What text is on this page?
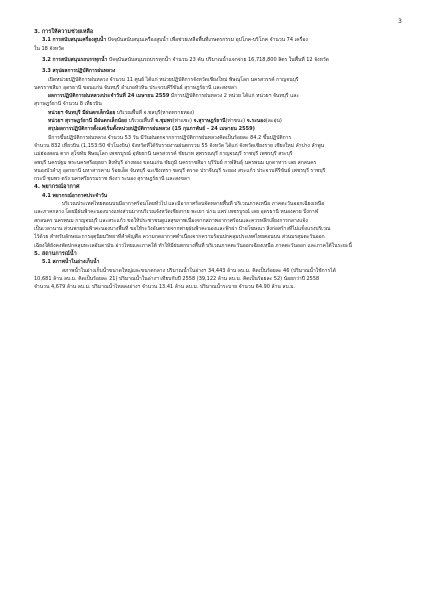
3
3. การให้ความช่วยเหลือ

3.1 การสนับสนุนเครื่องสูบน้ำ ปัจจุบันสนับสนุนเครื่องสูบน้ำ เพื่อช่วยเหลือพื้นที่เกษตรกรรม อุปโภค-บริโภค จำนวน 74 เครื่อง

ใน 18 จังหวัด

3.2 การสนับสนุนรถบรรทุกน้ำ ปัจจุบันสนับสนุนรถบรรทุกน้ำ จำนวน 23 คัน ปริมาณน้ำแจกจ่าย 16,718,800 ลิตร ในพื้นที่ 12 จังหวัด

3.3 สรุปผลการปฏิบัติการฝนหลวง

เปิดหน่วยปฏิบัติการฝนหลวง จำนวน 11 ศูนย์ ได้แก่ หน่วยปฏิบัติการจังหวัดเชียงใหม่ พิษณุโลก นครสวรรค์ กาญจนบุรี

นครราชสีมา อุดรธานี ขอนแก่น จันทบุรี อำเภอหัวหิน ประจวบคีรีขันธ์ สุราษฎร์ธานี และสงขลา

ผลการปฏิบัติการฝนหลวงประจำวันที่ 24 เมษายน 2559 มีการปฏิบัติการฝนหลวง 2 หน่วย ได้แก่ หน่วยฯ จันทบุรี และ

สุราษฎร์ธานี จำนวน 8 เที่ยวบิน

หน่วยฯ จันทบุรี มีฝนตกเล็กน้อย บริเวณพื้นที่ จ.ชลบุรี(หาดทรายทอง)

หน่วยฯ สุราษฎร์ธานี มีฝนตกเล็กน้อย บริเวณพื้นที่ จ.ชุมพร(ท่าแซะ) จ.สุราษฎร์ธานี(ท่าชนะ) จ.ระนอง(ละอุ่น)

สรุปผลการปฏิบัติการตั้งแต่เริ่มตั้งหน่วยปฏิบัติการฝนหลวง (15 กุมภาพันธ์ - 24 เมษายน 2559)

มีการขึ้นปฏิบัติการฝนหลวง จำนวน 53 วัน มีวันฝนตกจากการปฏิบัติการฝนหลวงคิดเป็นร้อยละ 84.2 ขึ้นปฏิบัติการ

จำนวน 832 เที่ยวบิน (1,153:50 ชั่วโมงบิน) จังหวัดที่ได้รับรายงานฝนตกรวม 55 จังหวัด ได้แก่ จังหวัดเชียงราย เชียงใหม่ ลำปาง ลำพูน

แม่ฮ่องสอน ตาก สุโขทัย พิษณุโลก เพชรบูรณ์ อุทัยธานี นครสวรรค์ ชัยนาท สุพรรณบุรี กาญจนบุรี ราชบุรี เพชรบุรี สระบุรี

ลพบุรี นครปฐม พระนครศรีอยุธยา สิงห์บุรี อ่างทอง ขอนแก่น ชัยภูมิ นครราชสีมา บุรีรัมย์ กาฬสินธุ์ นครพนม มุกดาหาร เลย สกลนคร

หนองบัวลำภู อุดรธานี มหาสารคาม ร้อยเอ็ด จันทบุรี ฉะเชิงเทรา ชลบุรี ตราด ปราจีนบุรี ระยอง สระแก้ว ประจวบคีรีขันธ์ เพชรบุรี ราชบุรี

กระบี่ ชุมพร ตรัง นครศรีธรรมราช พังงา ระนอง สุราษฎร์ธานี และสงขลา

4. พยากรณ์อากาศ

4.1 พยากรณ์อากาศประจำวัน

บริเวณประเทศไทยตอนบนมีอากาศร้อนโดยทั่วไป และมีอากาศร้อนจัดหลายพื้นที่ บริเวณภาคเหนือ ภาคตะวันออกเฉียงเหนือ

และภาคกลาง โดยมีฝนฟ้าคะนองบางแห่งส่วนมากบริเวณจังหวัดเชียงราย พะเยา น่าน แพร่ เพชรบูรณ์ เลย อุดรธานี หนองคาย บึงกาฬ

สกลนคร นครพนม กาญจนบุรี และสระแก้ว ขอให้ประชาชนดูแลสุขภาพเนื่องจากสภาพอากาศร้อนและควรหลีกเลี่ยงการกลางแจ้ง

เป็นเวลานาน ส่วนพายุฝนฟ้าคะนองบางพื้นที่ ขอให้ระวังอันตรายจากพายุฝนฟ้าคะนองและฟ้าผ่า ป้ายโฆษณา สิ่งก่อสร้างที่ไม่แข็งแรงบริเวณ

ไว้ด้วย สำหรับลักษณะการอุตุนิยมวิทยาที่สำคัญคือ ความกดอากาศต่ำเนื่องจากความร้อนปกคลุมประเทศไทยตอนบน ส่วนมรสุมตะวันออก

เฉียงใต้ยังคงพัดปกคลุมทะเลอันดามัน อ่าวไทยและภาคใต้ ทำให้มีฝนตกบางพื้นที่ บริเวณภาคตะวันออกเฉียงเหนือ ภาคตะวันออก และภาคใต้ในระยะนี้

5. สถานการณ์น้ำ

5.1 สภาพน้ำในอ่างเก็บน้ำ

สภาพน้ำในอ่างเก็บน้ำขนาดใหญ่และขนาดกลาง ปริมาณน้ำในอ่างฯ 34,443 ล้าน ลบ.ม. คิดเป็นร้อยละ 46 (ปริมาณน้ำใช้การได้

10,681 ล้าน ลบ.ม. คิดเป็นร้อยละ 21) ปริมาณน้ำในอ่างฯ เทียบกับปี 2558 (39,122 ล้าน ลบ.ม. คิดเป็นร้อยละ 52) น้อยกว่าปี 2558

จำนวน 4,679 ล้าน ลบ.ม. ปริมาณน้ำไหลลงอ่างฯ จำนวน 13.41 ล้าน ลบ.ม. ปริมาณน้ำระบาย จำนวน 64.90 ล้าน ลบ.ม.
